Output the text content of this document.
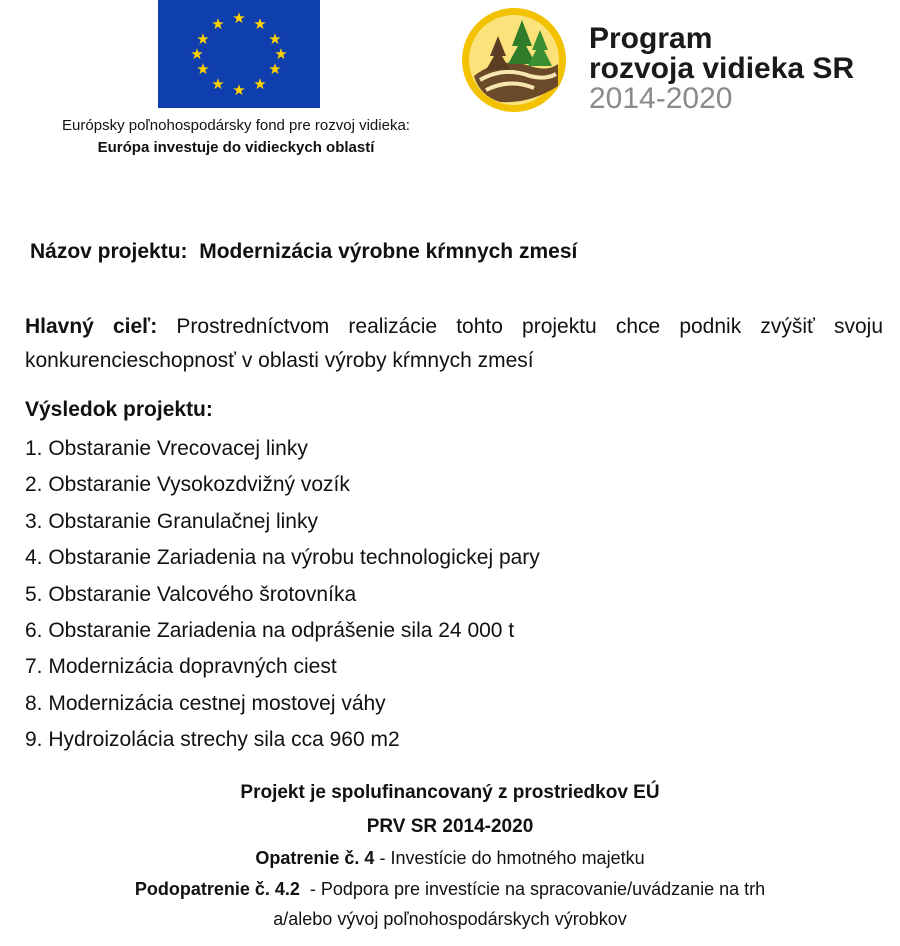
★ ★
★
★
★
★
★
★
★
★
★
★
Európsky poľnohospodársky fond pre rozvoj vidieka:
Európa investuje do vidieckych oblastí
Program
rozvoja vidieka SR
2014-2020
Názov projektu: Modernizácia výrobne kŕmnych zmesí
Hlavný cieľ: Prostredníctvom realizácie tohto projektu chce podnik zvýšiť svoju konkurencieschopnosť v oblasti výroby kŕmnych zmesí
Výsledok projektu:
1. Obstaranie Vrecovacej linky
2. Obstaranie Vysokozdvižný vozík
3. Obstaranie Granulačnej linky
4. Obstaranie Zariadenia na výrobu technologickej pary
5. Obstaranie Valcového šrotovníka
6. Obstaranie Zariadenia na odprášenie sila 24 000 t
7. Modernizácia dopravných ciest
8. Modernizácia cestnej mostovej váhy
9. Hydroizolácia strechy sila cca 960 m2
Projekt je spolufinancovaný z prostriedkov EÚ
PRV SR 2014-2020
Opatrenie č. 4 - Investície do hmotného majetku
Podopatrenie č. 4.2  - Podpora pre investície na spracovanie/uvádzanie na trh
a/alebo vývoj poľnohospodárskych výrobkov
